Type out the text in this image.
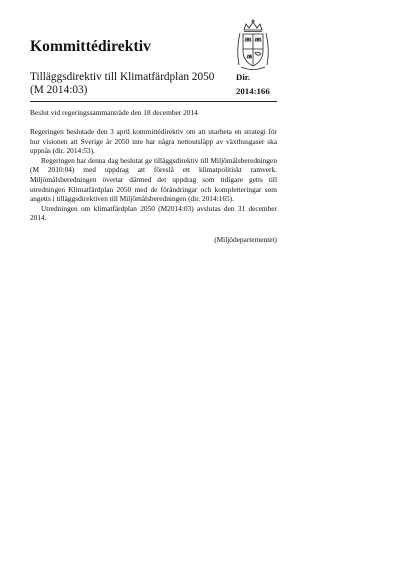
Kommittédirektiv
Tilläggsdirektiv till Klimatfärdplan 2050
(M 2014:03)
Dir.
2014:166
Beslut vid regeringssammanträde den 18 december 2014

Regeringen beslutade den 3 april kommittédirektiv om att utarbeta en strategi för hur visionen att Sverige år 2050 inte har några nettoutsläpp av växthusgaser ska uppnås (dir. 2014:53).

Regeringen har denna dag beslutat ge tilläggsdirektiv till Miljömålsberedningen (M 2010:04) med uppdrag att föreslå ett klimatpolitiskt ramverk. Miljömålsberedningen övertar därmed det uppdrag som tidigare getts till utredningen Klimatfärdplan 2050 med de förändringar och kompletteringar som angetts i tilläggsdirektiven till Miljömålsberedningen (dir. 2014:165).

Utredningen om klimatfärdplan 2050 (M2014:03) avslutas den 31 december 2014.

(Miljödepartementet)
